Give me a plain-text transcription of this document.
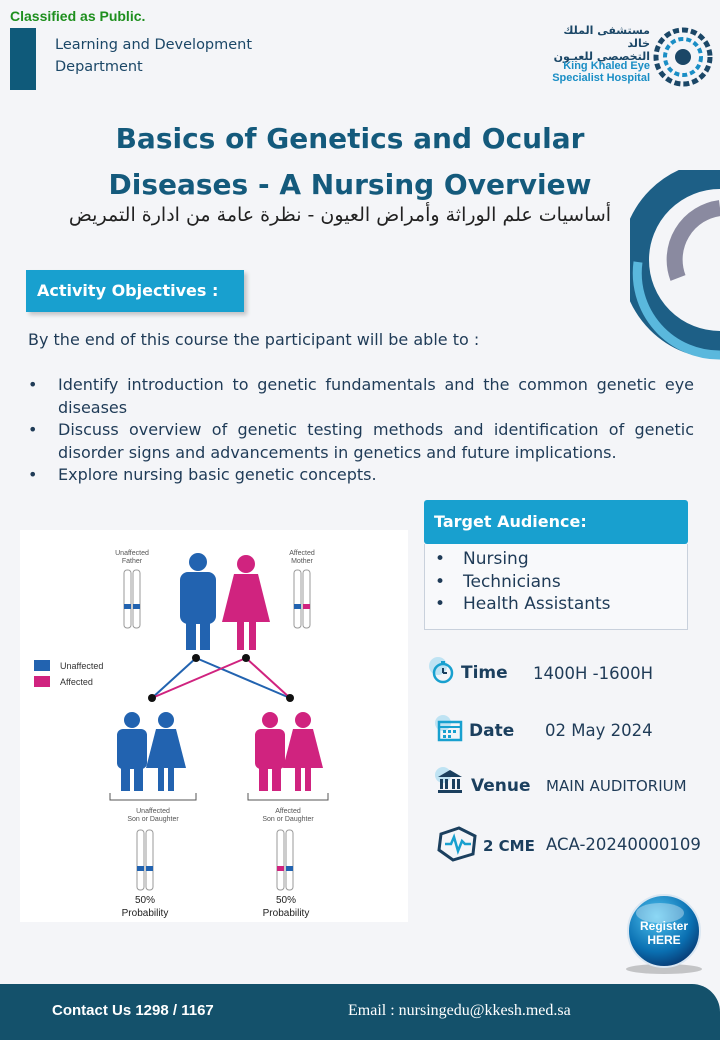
Classified as Public.
Learning and Development
Department
مستشفى الملك خالد
التخصصي للعيـون
King Khaled Eye
Specialist Hospital
Basics of Genetics and Ocular
Diseases - A Nursing Overview
أساسيات علم الوراثة وأمراض العيون - نظرة عامة من ادارة التمريض
Activity Objectives :
By the end of this course the participant will be able to :
• Identify introduction to genetic fundamentals and the common genetic eye diseases
• Discuss overview of genetic testing methods and identification of genetic disorder signs and advancements in genetics and future implications.
• Explore nursing basic genetic concepts.
Unaffected
Father
Affected
Mother
Unaffected
Affected
Unaffected
Son or Daughter
Affected
Son or Daughter
50%
Probability
50%
Probability
Target Audience:
• Nursing
• Technicians
• Health Assistants
Time 1400H -1600H
Date 02 May 2024
Venue MAIN AUDITORIUM
2 CME ACA-20240000109
Register
HERE
Contact Us 1298 / 1167	Email : nursingedu@kkesh.med.sa
